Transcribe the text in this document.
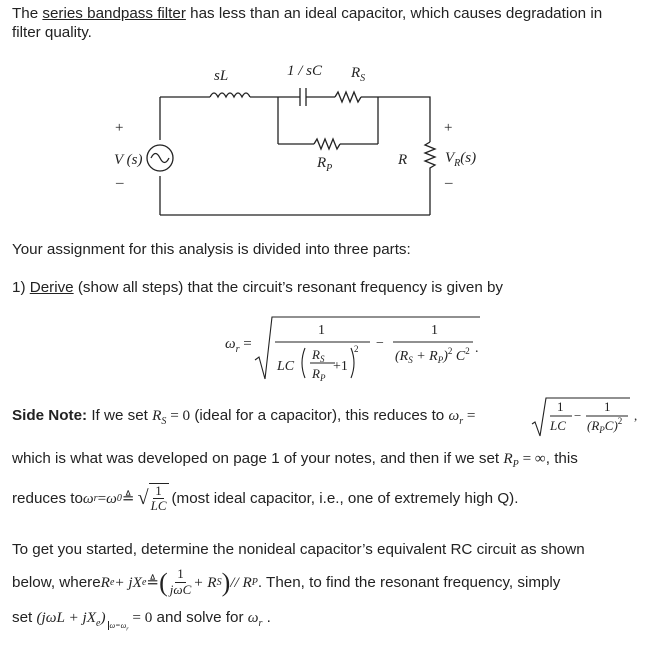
The series bandpass filter has less than an ideal capacitor, which causes degradation in
filter quality.
sL	1 / sC $R_S$
$R_P$
R
V (s)	$V_R(s)$
+
–
+
–
Your assignment for this analysis is divided into three parts:
1) Derive (show all steps) that the circuit’s resonant frequency is given by
$\omega_r$ =
1
LC
$R_S$
$R_P$
+1
2 −
1
$(R_S + R_P)^2$ $C^2$ .
Side Note: If we set $R_S = 0$ (ideal for a capacitor), this reduces to $\omega_r$ =
1
LC
−
1
$(R_PC)^2$ ,
which is what was developed on page 1 of your notes, and then if we set $R_P$ = ∞, this
reduces to ω r = ω 0 ≜ √ $\frac{1}{LC}$ (most ideal capacitor, i.e., one of extremely high Q).
To get you started, determine the nonideal capacitor’s equivalent RC circuit as shown
below, where R e + jX e ≜ ( $\frac{1}{\text{jωC}} + R$ S ) // R P . Then, to find the resonant frequency, simply
set $(j\omega L + jX_e)$ $_{\omega=\omega_r}$ = 0 and solve for $\omega_r$ .
